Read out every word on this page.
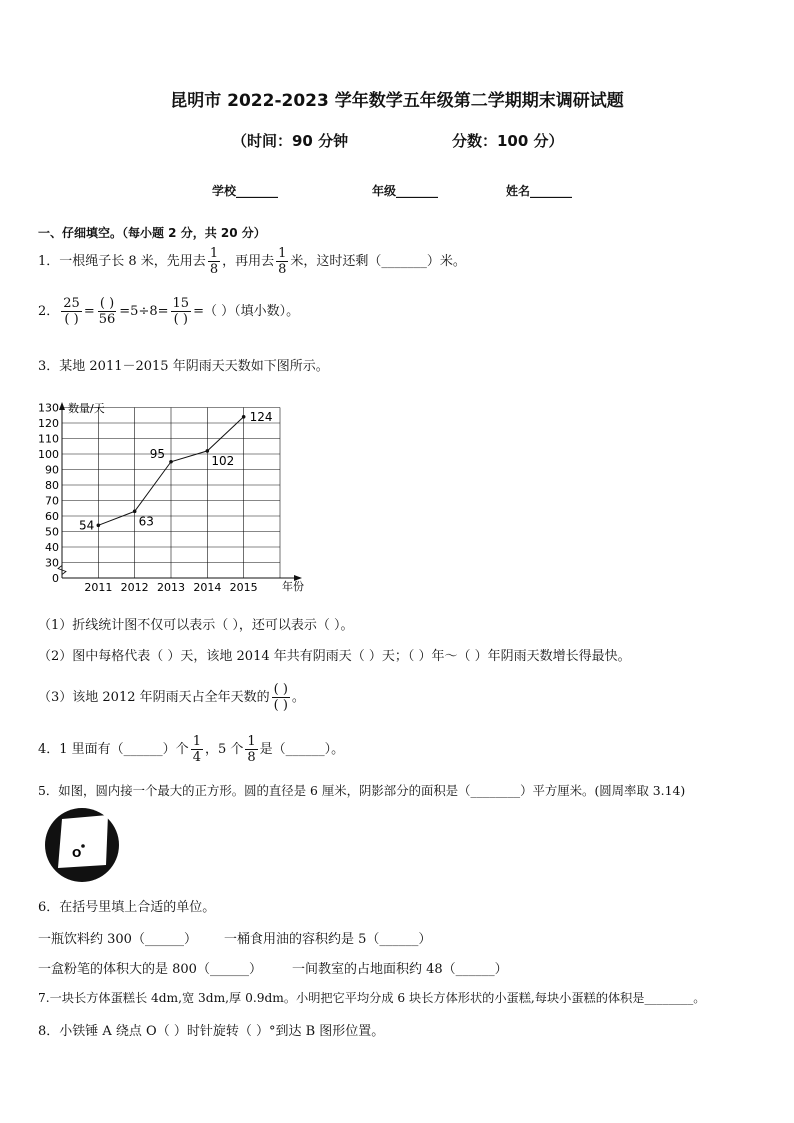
昆明市 2022-2023 学年数学五年级第二学期期末调研试题
（时间：90 分钟	分数：100 分）
学校_______	年级_______	姓名_______
一、仔细填空。（每小题 2 分，共 20 分）
1．一根绳子长 8 米，先用去 $\frac{1}{8}$ ，再用去 $\frac{1}{8}$ 米，这时还剩（_______）米。
2． $\frac{25}{( )} = \frac{( )}{56} =5\div 8= \frac{15}{( )}$ =（ ）（填小数）。
3．某地 2011－2015 年阴雨天天数如下图所示。
0
30
40
50
60
70
80
90
100
110
120
130
2011 2012 2013 2014 2015
54	63
95
102
124
数量/天
年份
（1）折线统计图不仅可以表示（ ），还可以表示（ ）。
（2）图中每格代表（ ）天，该地 2014 年共有阴雨天（ ）天；（ ）年～（ ）年阴雨天数增长得最快。
（3）该地 2012 年阴雨天占全年天数的 $\frac{( )}{( )}$ 。
4．1 里面有（______）个 $\frac{1}{4}$ ，5 个 $\frac{1}{8}$ 是（______）。
5．如图，圆内接一个最大的正方形。圆的直径是 6 厘米，阴影部分的面积是（________）平方厘米。(圆周率取 3.14)
O
6．在括号里填上合适的单位。
一瓶饮料约 300（______） 一桶食用油的容积约是 5（______）
一盒粉笔的体积大的是 800（______） 一间教室的占地面积约 48（______）
7.一块长方体蛋糕长 4dm,宽 3dm,厚 0.9dm。小明把它平均分成 6 块长方体形状的小蛋糕,每块小蛋糕的体积是________。
8．小铁锤 A 绕点 O（ ）时针旋转（ ）°到达 B 图形位置。
